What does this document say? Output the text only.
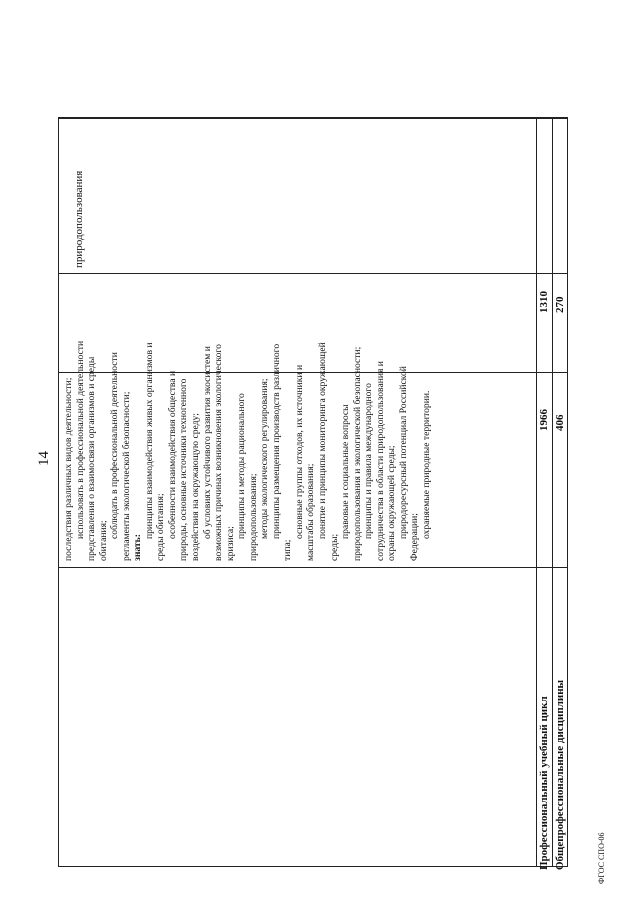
14 последствия различных видов деятельности; использовать в профессиональной деятельности представления о взаимосвязи организмов и среды обитания;
соблюдать в профессиональной деятельности регламенты экологической безопасности; знать:
принципы взаимодействия живых организмов и среды обитания; особенности взаимодействия общества и природы, основные источники техногенного воздействия на окружающую среду; об условиях устойчивого развития экосистем и возможных причинах возникновения экологического кризиса;
принципы и методы рационального природопользования; методы экологического регулирования; принципы размещения производств различного
типа;
основные группы отходов, их источники и масштабы образования; понятие и принципы мониторинга окружающей
среды;
правовые и социальные вопросы природопользования и экологической безопасности; принципы и правила международного сотрудничества в области природопользования и охраны окружающей среды; природоресурсный потенциал Российской Федерации; охраняемые природные территории.
природопользования
Профессиональный учебный цикл
1966
1310
Общепрофессиональные дисциплины
406
270
ФГОС СПО-06
